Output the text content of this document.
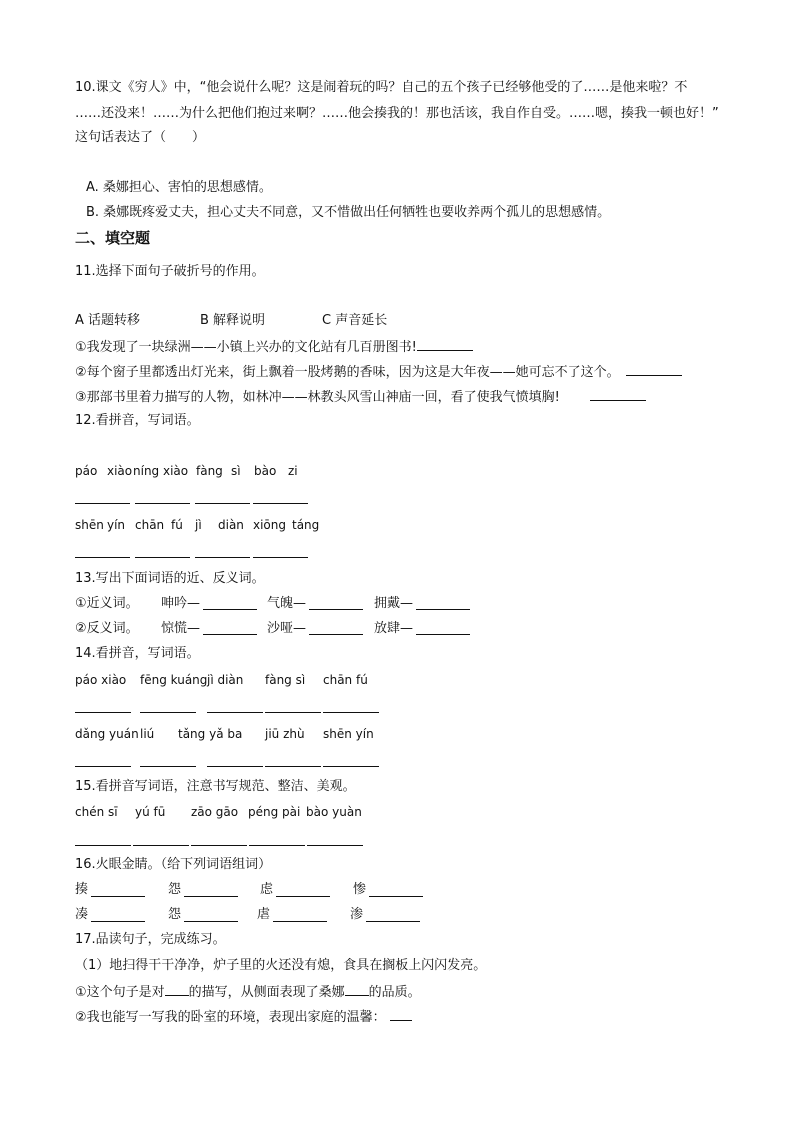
10.课文《穷人》中，“他会说什么呢？这是闹着玩的吗？自己的五个孩子已经够他受的了……是他来啦？不
……还没来！……为什么把他们抱过来啊？……他会揍我的！那也活该，我自作自受。……嗯，揍我一顿也好！”
这句话表达了（　　）
A. 桑娜担心、害怕的思想感情。
B. 桑娜既疼爱丈夫，担心丈夫不同意，又不惜做出任何牺牲也要收养两个孤儿的思想感情。
二、填空题
11.选择下面句子破折号的作用。
A 话题转移	B 解释说明	C 声音延长
①我发现了一块绿洲——小镇上兴办的文化站有几百册图书!
②每个窗子里都透出灯光来，街上飘着一股烤鹅的香味，因为这是大年夜——她可忘不了这个。
③那部书里着力描写的人物，如林冲——林教头风雪山神庙一回，看了使我气愤填胸!
12.看拼音，写词语。
páo xiào níng xiào fàng sì bào zi
shēn yín chān fú jì diàn xiōng táng
13.写出下面词语的近、反义词。
①近义词。 呻吟—	气魄—	拥戴—
②反义词。 惊慌—	沙哑—	放肆—
14.看拼音，写词语。
páo xiào fēng kuáng jì diàn fàng sì chān fú
dǎng yuán liú tǎng yǎ ba jiū zhù shēn yín
15.看拼音写词语，注意书写规范、整洁、美观。
chén sī yú fū zāo gāo péng pài bào yuàn
16.火眼金睛。（给下列词语组词）
揍	怨	虑	惨
凑	怨	虐	渗
17.品读句子，完成练习。
（1）地扫得干干净净，炉子里的火还没有熄，食具在搁板上闪闪发亮。
①这个句子是对 的描写，从侧面表现了桑娜 的品质。
②我也能写一写我的卧室的环境，表现出家庭的温馨：
